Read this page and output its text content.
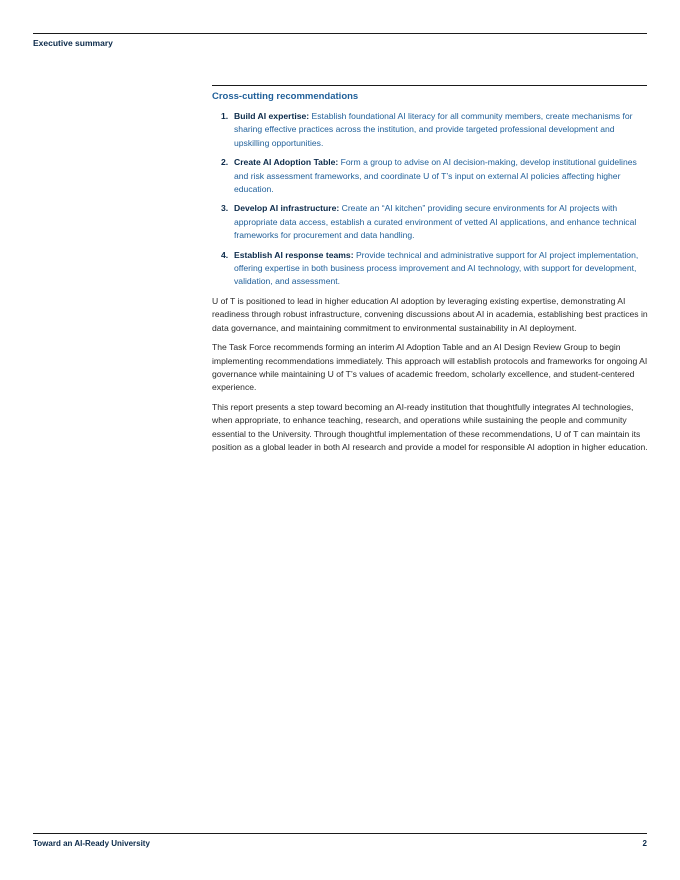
Executive summary
Cross-cutting recommendations
1. Build AI expertise: Establish foundational AI literacy for all community members, create mechanisms for sharing effective practices across the institution, and provide targeted professional development and upskilling opportunities.
2. Create AI Adoption Table: Form a group to advise on AI decision-making, develop institutional guidelines and risk assessment frameworks, and coordinate U of T’s input on external AI policies affecting higher education.
3. Develop AI infrastructure: Create an “AI kitchen” providing secure environments for AI projects with appropriate data access, establish a curated environment of vetted AI applications, and enhance technical frameworks for procurement and data handling.
4. Establish AI response teams: Provide technical and administrative support for AI project implementation, offering expertise in both business process improvement and AI technology, with support for development, validation, and assessment.

U of T is positioned to lead in higher education AI adoption by leveraging existing expertise, demonstrating AI readiness through robust infrastructure, convening discussions about AI in academia, establishing best practices in data governance, and maintaining commitment to environmental sustainability in AI deployment.

The Task Force recommends forming an interim AI Adoption Table and an AI Design Review Group to begin implementing recommendations immediately. This approach will establish protocols and frameworks for ongoing AI governance while maintaining U of T’s values of academic freedom, scholarly excellence, and student-centered experience.

This report presents a step toward becoming an AI-ready institution that thoughtfully integrates AI technologies, when appropriate, to enhance teaching, research, and operations while sustaining the people and community essential to the University. Through thoughtful implementation of these recommendations, U of T can maintain its position as a global leader in both AI research and provide a model for responsible AI adoption in higher education.

Toward an AI-Ready University	2
